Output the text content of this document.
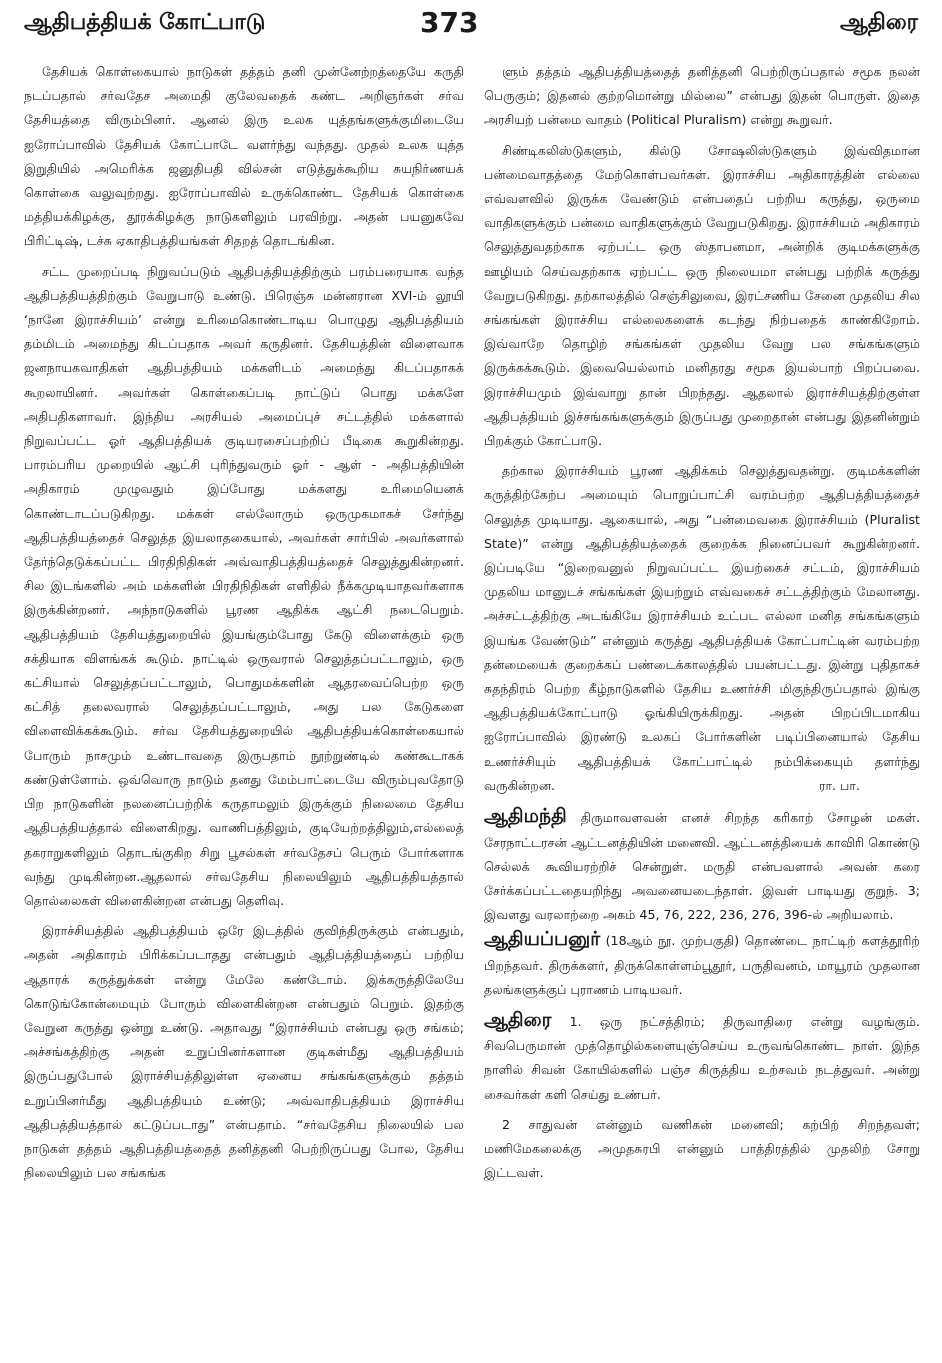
ஆதிபத்தியக் கோட்பாடு	373	ஆதிரை

தேசியக் கொள்கையால் நாடுகள் தத்தம் தனி முன்னேற்றத்தையே கருதி நடப்பதால் சர்வதேச அமைதி குலேவதைக் கண்ட அறிஞர்கள் சர்வ தேசியத்தை விரும்பினர். ஆனல் இரு உலக யுத்தங்களுக்குமிடையே ஐரோப்பாவில் தேசியக் கோட்பாடே வளர்ந்து வந்தது. முதல் உலக யுத்த இறுதியில் அமெரிக்க ஜனுதிபதி வில்சன் எடுத்துக்கூறிய சுயநிர்ணயக் கொள்கை வலுவுற்றது. ஐரோப்பாவில் உருக்கொண்ட தேசியக் கொள்கை மத்தியக்கிழக்கு, தூரக்கிழக்கு நாடுகளிலும் பரவிற்று. அதன் பயனுகவே பிரிட்டிஷ், டச்சு ஏகாதிபத்தியங்கள் சிதறத் தொடங்கின.

சட்ட முறைப்படி நிறுவப்படும் ஆதிபத்தியத்திற்கும் பரம்பரையாக வந்த ஆதிபத்தியத்திற்கும் வேறுபாடு உண்டு. பிரெஞ்சு மன்னரான XVI-ம் லூயி ‘நானே இராச்சியம்’ என்று உரிமைகொண்டாடிய பொழுது ஆதிபத்தியம் தம்மிடம் அமைந்து கிடப்பதாக அவர் கருதினர். தேசியத்தின் விளைவாக ஜனநாயகவாதிகள் ஆதிபத்தியம் மக்களிடம் அமைந்து கிடப்பதாகக் கூறலாயினர். அவர்கள் கொள்கைப்படி நாட்டுப் பொது மக்களே அதிபதிகளாவர். இந்திய அரசியல் அமைப்புச் சட்டத்தில் மக்களால் நிறுவப்பட்ட ஓர் ஆதிபத்தியக் குடியரசைப்பற்றிப் பீடிகை கூறுகின்றது. பாரம்பரிய முறையில் ஆட்சி புரிந்துவரும் ஓர் - ஆள் - அதிபத்தியின் அதிகாரம் முழுவதும் இப்போது மக்களது உரிமையெனக் கொண்டாடப்படுகிறது. மக்கள் எல்லோரும் ஒருமுகமாகச் சேர்ந்து ஆதிபத்தியத்தைச் செலுத்த இயலாதகையால், அவர்கள் சார்பில் அவர்களால் தேர்ந்தெடுக்கப்பட்ட பிரதிநிதிகள் அவ்வாதிபத்தியத்தைச் செலுத்துகின்றனர். சில இடங்களில் அம் மக்களின் பிரதிநிதிகள் எளிதில் நீக்கமுடியாதவர்களாக இருக்கின்றனர். அந்நாடுகளில் பூரண ஆதிக்க ஆட்சி நடைபெறும். ஆதிபத்தியம் தேசியத்துறையில் இயங்கும்போது கேடு விளைக்கும் ஒரு சக்தியாக விளங்கக் கூடும். நாட்டில் ஒருவரால் செலுத்தப்பட்டாலும், ஒரு கட்சியால் செலுத்தப்பட்டாலும், பொதுமக்களின் ஆதரவைப்பெற்ற ஒரு கட்சித் தலைவரால் செலுத்தப்பட்டாலும், அது பல கேடுகளை விளைவிக்கக்கூடும். சர்வ தேசியத்துறையில் ஆதிபத்தியக்கொள்கையால் போரும் நாசமும் உண்டாவதை இருபதாம் நூற்றுண்டில் கண்கூடாகக் கண்டுள்ளோம். ஒவ்வொரு நாடும் தனது மேம்பாட்டையே விரும்புவதோடு பிற நாடுகளின் நலனைப்பற்றிக் கருதாமலும் இருக்கும் நிலைமை தேசிய ஆதிபத்தியத்தால் விளைகிறது. வாணிபத்திலும், குடியேற்றத்திலும்,எல்லைத் தகராறுகளிலும் தொடங்குகிற சிறு பூசல்கள் சர்வதேசப் பெரும் போர்களாக வந்து முடிகின்றன.ஆதலால் சர்வதேசிய நிலையிலும் ஆதிபத்தியத்தால் தொல்லைகள் விளைகின்றன என்பது தெளிவு.

இராச்சியத்தில் ஆதிபத்தியம் ஒரே இடத்தில் குவிந்திருக்கும் என்பதும், அதன் அதிகாரம் பிரிக்கப்படாதது என்பதும் ஆதிபத்தியத்தைப் பற்றிய ஆதாரக் கருத்துக்கள் என்று மேலே கண்டோம். இக்கருத்திலேயே கொடுங்கோன்மையும் போரும் விளைகின்றன என்பதும் பெறும். இதற்கு வேறுன கருத்து ஒன்று உண்டு. அதாவது “இராச்சியம் என்பது ஒரு சங்கம்; அச்சங்கத்திற்கு அதன் உறுப்பினர்களான குடிகள்மீது ஆதிபத்தியம் இருப்பதுபோல் இராச்சியத்திலுள்ள ஏனைய சங்கங்களுக்கும் தத்தம் உறுப்பினர்மீது ஆதிபத்தியம் உண்டு; அவ்வாதிபத்தியம் இராச்சிய ஆதிபத்தியத்தால் கட்டுப்படாது” என்பதாம். “சர்வதேசிய நிலையில் பல நாடுகள் தத்தம் ஆதிபத்தியத்தைத் தனித்தனி பெற்றிருப்பது போல, தேசிய நிலையிலும் பல சங்கங்க

ளும் தத்தம் ஆதிபத்தியத்தைத் தனித்தனி பெற்றிருப்பதால் சமூக நலன் பெருகும்; இதனல் குற்றமொன்று மில்லை” என்பது இதன் பொருள். இதை அரசியற் பன்மை வாதம் (Political Pluralism) என்று கூறுவர்.

சிண்டிகலிஸ்டுகளும், கில்டு சோஷலிஸ்டுகளும் இவ்விதமான பன்மைவாதத்தை மேற்கொள்பவர்கள். இராச்சிய அதிகாரத்தின் எல்லை எவ்வளவில் இருக்க வேண்டும் என்பதைப் பற்றிய கருத்து, ஒருமை வாதிகளுக்கும் பன்மை வாதிகளுக்கும் வேறுபடுகிறது. இராச்சியம் அதிகாரம் செலுத்துவதற்காக ஏற்பட்ட ஒரு ஸ்தாபனமா, அன்றிக் குடிமக்களுக்கு ஊழியம் செய்வதற்காக ஏற்பட்ட ஒரு நிலையமா என்பது பற்றிக் கருத்து வேறுபடுகிறது. தற்காலத்தில் செஞ்சிலுவை, இரட்சணிய சேனை முதலிய சில சங்கங்கள் இராச்சிய எல்லைகளைக் கடந்து நிற்பதைக் காண்கிறோம். இவ்வாறே தொழிற் சங்கங்கள் முதலிய வேறு பல சங்கங்களும் இருக்கக்கூடும். இவையெல்லாம் மனிதரது சமூக இயல்பாற் பிறப்பவை. இராச்சியமும் இவ்வாறு தான் பிறந்தது. ஆதலால் இராச்சியத்திற்குள்ள ஆதிபத்தியம் இச்சங்கங்களுக்கும் இருப்பது முறைதான் என்பது இதனின்றும் பிறக்கும் கோட்பாடு.

தற்கால இராச்சியம் பூரண ஆதிக்கம் செலுத்துவதன்று. குடிமக்களின் கருத்திற்கேற்ப அமையும் பொறுப்பாட்சி வரம்பற்ற ஆதிபத்தியத்தைச் செலுத்த முடியாது. ஆகையால், அது “பன்மைவகை இராச்சியம் (Pluralist State)” என்று ஆதிபத்தியத்தைக் குறைக்க நினைப்பவர் கூறுகின்றனர். இப்படியே “இறைவனுல் நிறுவப்பட்ட இயற்கைச் சட்டம், இராச்சியம் முதலிய மானுடச் சங்கங்கள் இயற்றும் எவ்வகைச் சட்டத்திற்கும் மேலானது. அச்சட்டத்திற்கு அடங்கியே இராச்சியம் உட்பட எல்லா மனித சங்கங்களும் இயங்க வேண்டும்” என்னும் கருத்து ஆதிபத்தியக் கோட்பாட்டின் வரம்பற்ற தன்மையைக் குறைக்கப் பண்டைக்காலத்தில் பயன்பட்டது. இன்று புதிதாகச் சுதந்திரம் பெற்ற கீழ்நாடுகளில் தேசிய உணர்ச்சி மிகுந்திருப்பதால் இங்கு ஆதிபத்தியக்கோட்பாடு ஓங்கியிருக்கிறது. அதன் பிறப்பிடமாகிய ஐரோப்பாவில் இரண்டு உலகப் போர்களின் படிப்பினையால் தேசிய உணர்ச்சியும் ஆதிபத்தியக் கோட்பாட்டில் நம்பிக்கையும் தளர்ந்து வருகின்றன.	ரா. பா.

ஆதிமந்தி திருமாவளவன் எனச் சிறந்த கரிகாற் சோழன் மகள். சேரநாட்டரசன் ஆட்டனத்தியின் மனைவி. ஆட்டனத்தியைக் காவிரி கொண்டு செல்லக் கூவியரற்றிச் சென்றுள். மருதி என்பவளால் அவன் கரை சேர்க்கப்பட்டதையறிந்து அவனையடைந்தாள். இவள் பாடியது குறுந். 3; இவளது வரலாற்றை அகம் 45, 76, 222, 236, 276, 396-ல் அறியலாம்.

ஆதியப்பனுர் (18ஆம் நூ. முற்பகுதி) தொண்டை நாட்டிற் களத்தூரிற் பிறந்தவர். திருக்களர், திருக்கொள்ளம்பூதூர், பருதிவனம், மாயூரம் முதலான தலங்களுக்குப் புராணம் பாடியவர்.

ஆதிரை 1. ஒரு நட்சத்திரம்; திருவாதிரை என்று வழங்கும். சிவபெருமான் முத்தொழில்களையுஞ்செய்ய உருவங்கொண்ட நாள். இந்த நாளில் சிவன் கோயில்களில் பஞ்ச கிருத்திய உற்சவம் நடத்துவர். அன்று சைவர்கள் களி செய்து உண்பர்.

2 சாதுவன் என்னும் வணிகன் மனைவி; கற்பிற் சிறந்தவள்; மணிமேகலைக்கு அமுதசுரபி என்னும் பாத்திரத்தில் முதலிற் சோறு இட்டவள்.
